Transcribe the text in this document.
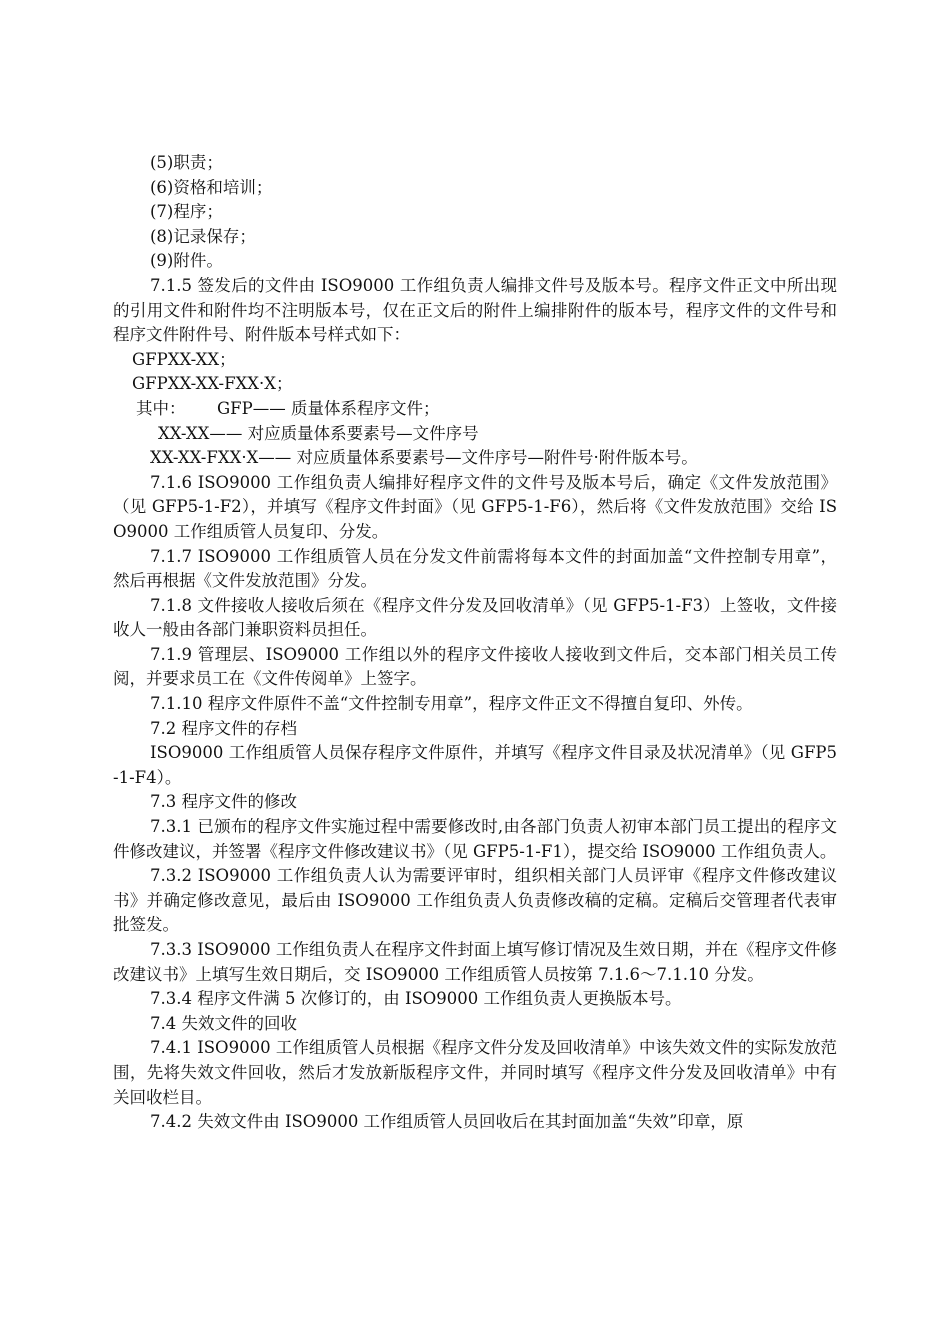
(5)职责；

(6)资格和培训；

(7)程序；

(8)记录保存；

(9)附件。

7.1.5 签发后的文件由 ISO9000 工作组负责人编排文件号及版本号。程序文件正文中所出现的引用文件和附件均不注明版本号，仅在正文后的附件上编排附件的版本号，程序文件的文件号和程序文件附件号、附件版本号样式如下：

GFPXX-XX；

GFPXX-XX-FXX·X；

其中：      GFP—— 质量体系程序文件；

XX-XX—— 对应质量体系要素号—文件序号

XX-XX-FXX·X—— 对应质量体系要素号—文件序号—附件号·附件版本号。

7.1.6 ISO9000 工作组负责人编排好程序文件的文件号及版本号后，确定《文件发放范围》（见 GFP5-1-F2），并填写《程序文件封面》（见 GFP5-1-F6），然后将《文件发放范围》交给 ISO9000 工作组质管人员复印、分发。

7.1.7 ISO9000 工作组质管人员在分发文件前需将每本文件的封面加盖“文件控制专用章”，然后再根据《文件发放范围》分发。

7.1.8 文件接收人接收后须在《程序文件分发及回收清单》（见 GFP5-1-F3）上签收，文件接收人一般由各部门兼职资料员担任。

7.1.9 管理层、ISO9000 工作组以外的程序文件接收人接收到文件后，交本部门相关员工传阅，并要求员工在《文件传阅单》上签字。

7.1.10 程序文件原件不盖“文件控制专用章”，程序文件正文不得擅自复印、外传。

7.2 程序文件的存档

ISO9000 工作组质管人员保存程序文件原件，并填写《程序文件目录及状况清单》（见 GFP5-1-F4）。

7.3 程序文件的修改

7.3.1 已颁布的程序文件实施过程中需要修改时,由各部门负责人初审本部门员工提出的程序文件修改建议，并签署《程序文件修改建议书》（见 GFP5-1-F1），提交给 ISO9000 工作组负责人。

7.3.2 ISO9000 工作组负责人认为需要评审时，组织相关部门人员评审《程序文件修改建议书》并确定修改意见，最后由 ISO9000 工作组负责人负责修改稿的定稿。定稿后交管理者代表审批签发。

7.3.3 ISO9000 工作组负责人在程序文件封面上填写修订情况及生效日期，并在《程序文件修改建议书》上填写生效日期后，交 ISO9000 工作组质管人员按第 7.1.6～7.1.10 分发。

7.3.4 程序文件满 5 次修订的，由 ISO9000 工作组负责人更换版本号。

7.4 失效文件的回收

7.4.1 ISO9000 工作组质管人员根据《程序文件分发及回收清单》中该失效文件的实际发放范围，先将失效文件回收，然后才发放新版程序文件，并同时填写《程序文件分发及回收清单》中有关回收栏目。

7.4.2 失效文件由 ISO9000 工作组质管人员回收后在其封面加盖“失效”印章，原
